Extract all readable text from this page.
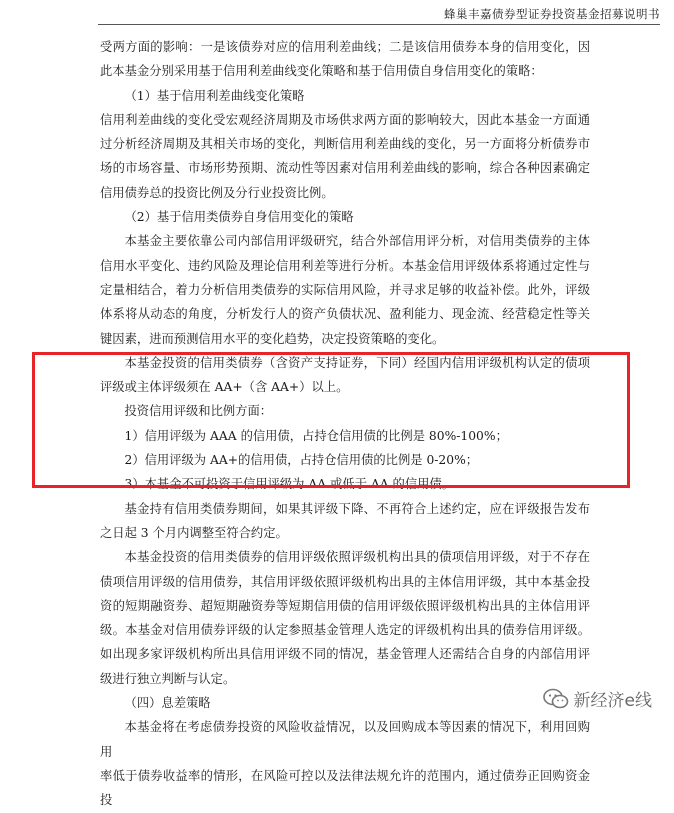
蜂巢丰嘉债券型证券投资基金招募说明书

受两方面的影响：一是该债券对应的信用利差曲线；二是该信用债券本身的信用变化，因此本基金分别采用基于信用利差曲线变化策略和基于信用债自身信用变化的策略：

（1）基于信用利差曲线变化策略

信用利差曲线的变化受宏观经济周期及市场供求两方面的影响较大，因此本基金一方面通过分析经济周期及其相关市场的变化，判断信用利差曲线的变化，另一方面将分析债券市场的市场容量、市场形势预期、流动性等因素对信用利差曲线的影响，综合各种因素确定信用债券总的投资比例及分行业投资比例。

（2）基于信用类债券自身信用变化的策略

本基金主要依靠公司内部信用评级研究，结合外部信用评分析，对信用类债券的主体信用水平变化、违约风险及理论信用利差等进行分析。本基金信用评级体系将通过定性与定量相结合，着力分析信用类债券的实际信用风险，并寻求足够的收益补偿。此外，评级体系将从动态的角度，分析发行人的资产负债状况、盈利能力、现金流、经营稳定性等关键因素，进而预测信用水平的变化趋势，决定投资策略的变化。

本基金投资的信用类债券（含资产支持证券，下同）经国内信用评级机构认定的债项评级或主体评级须在 AA+（含 AA+）以上。

投资信用评级和比例方面：

1）信用评级为 AAA 的信用债，占持仓信用债的比例是 80%-100%；

2）信用评级为 AA+的信用债，占持仓信用债的比例是 0-20%；

3）本基金不可投资于信用评级为 AA 或低于 AA 的信用债。

基金持有信用类债券期间，如果其评级下降、不再符合上述约定，应在评级报告发布之日起 3 个月内调整至符合约定。

本基金投资的信用类债券的信用评级依照评级机构出具的债项信用评级，对于不存在债项信用评级的信用债券，其信用评级依照评级机构出具的主体信用评级，其中本基金投资的短期融资券、超短期融资券等短期信用债的信用评级依照评级机构出具的主体信用评级。本基金对信用债券评级的认定参照基金管理人选定的评级机构出具的债券信用评级。如出现多家评级机构所出具信用评级不同的情况，基金管理人还需结合自身的内部信用评级进行独立判断与认定。

（四）息差策略

本基金将在考虑债券投资的风险收益情况，以及回购成本等因素的情况下，利用回购用

率低于债券收益率的情形，在风险可控以及法律法规允许的范围内，通过债券正回购资金投

新经济e线
